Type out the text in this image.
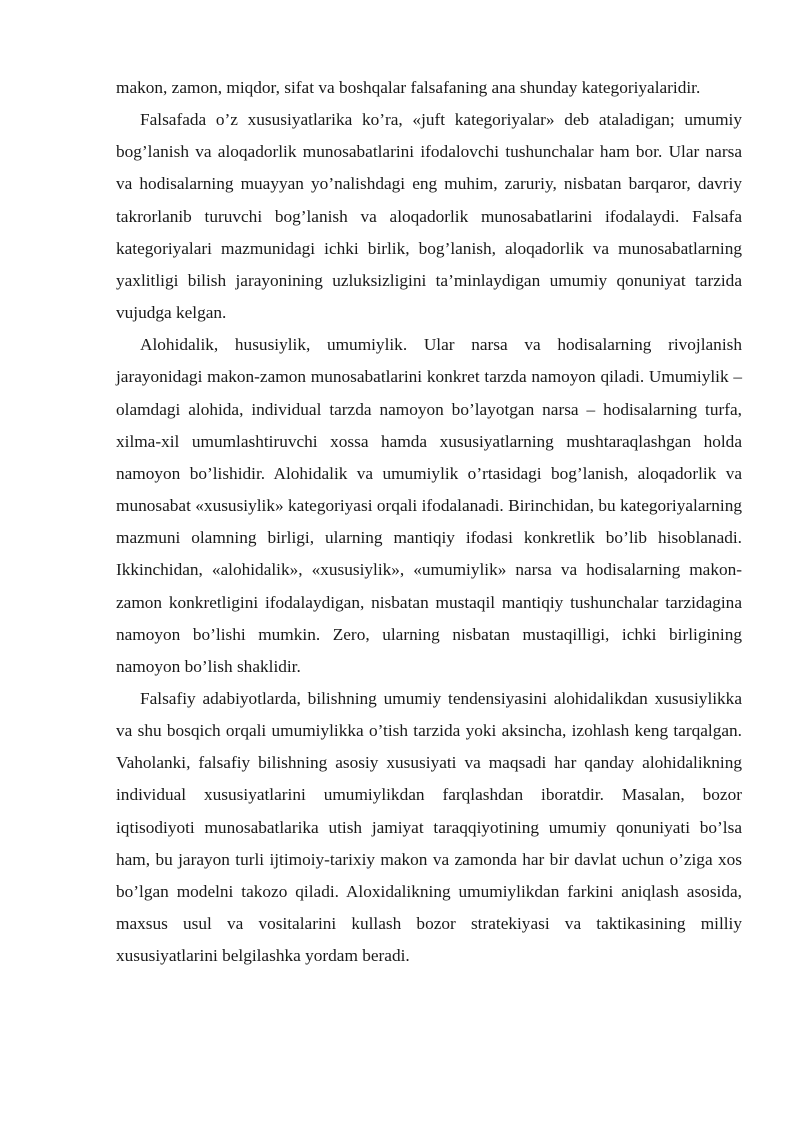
makon, zamon, miqdor, sifat va boshqalar falsafaning ana shunday kategoriyalaridir.

Falsafada o’z xususiyatlarika ko’ra, «juft kategoriyalar» deb ataladigan; umumiy bog’lanish va aloqadorlik munosabatlarini ifodalovchi tushunchalar ham bor. Ular narsa va hodisalarning muayyan yo’nalishdagi eng muhim, zaruriy, nisbatan barqaror, davriy takrorlanib turuvchi bog’lanish va aloqadorlik munosabatlarini ifodalaydi. Falsafa kategoriyalari mazmunidagi ichki birlik, bog’lanish, aloqadorlik va munosabatlarning yaxlitligi bilish jarayonining uzluksizligini ta’minlaydigan umumiy qonuniyat tarzida vujudga kelgan.

Alohidalik, hususiylik, umumiylik. Ular narsa va hodisalarning rivojlanish jarayonidagi makon-zamon munosabatlarini konkret tarzda namoyon qiladi. Umumiylik – olamdagi alohida, individual tarzda namoyon bo’layotgan narsa – hodisalarning turfa, xilma-xil umumlashtiruvchi xossa hamda xususiyatlarning mushtaraqlashgan holda namoyon bo’lishidir. Alohidalik va umumiylik o’rtasidagi bog’lanish, aloqadorlik va munosabat «xususiylik» kategoriyasi orqali ifodalanadi. Birinchidan, bu kategoriyalarning mazmuni olamning birligi, ularning mantiqiy ifodasi konkretlik bo’lib hisoblanadi. Ikkinchidan, «alohidalik», «xususiylik», «umumiylik» narsa va hodisalarning makon-zamon konkretligini ifodalaydigan, nisbatan mustaqil mantiqiy tushunchalar tarzidagina namoyon bo’lishi mumkin. Zero, ularning nisbatan mustaqilligi, ichki birligining namoyon bo’lish shaklidir.

Falsafiy adabiyotlarda, bilishning umumiy tendensiyasini alohidalikdan xususiylikka va shu bosqich orqali umumiylikka o’tish tarzida yoki aksincha, izohlash keng tarqalgan. Vaholanki, falsafiy bilishning asosiy xususiyati va maqsadi har qanday alohidalikning individual xususiyatlarini umumiylikdan farqlashdan iboratdir. Masalan, bozor iqtisodiyoti munosabatlarika utish jamiyat taraqqiyotining umumiy qonuniyati bo’lsa ham, bu jarayon turli ijtimoiy-tarixiy makon va zamonda har bir davlat uchun o’ziga xos bo’lgan modelni takozo qiladi. Aloxidalikning umumiylikdan farkini aniqlash asosida, maxsus usul va vositalarini kullash bozor stratekiyasi va taktikasining milliy xususiyatlarini belgilashka yordam beradi.
